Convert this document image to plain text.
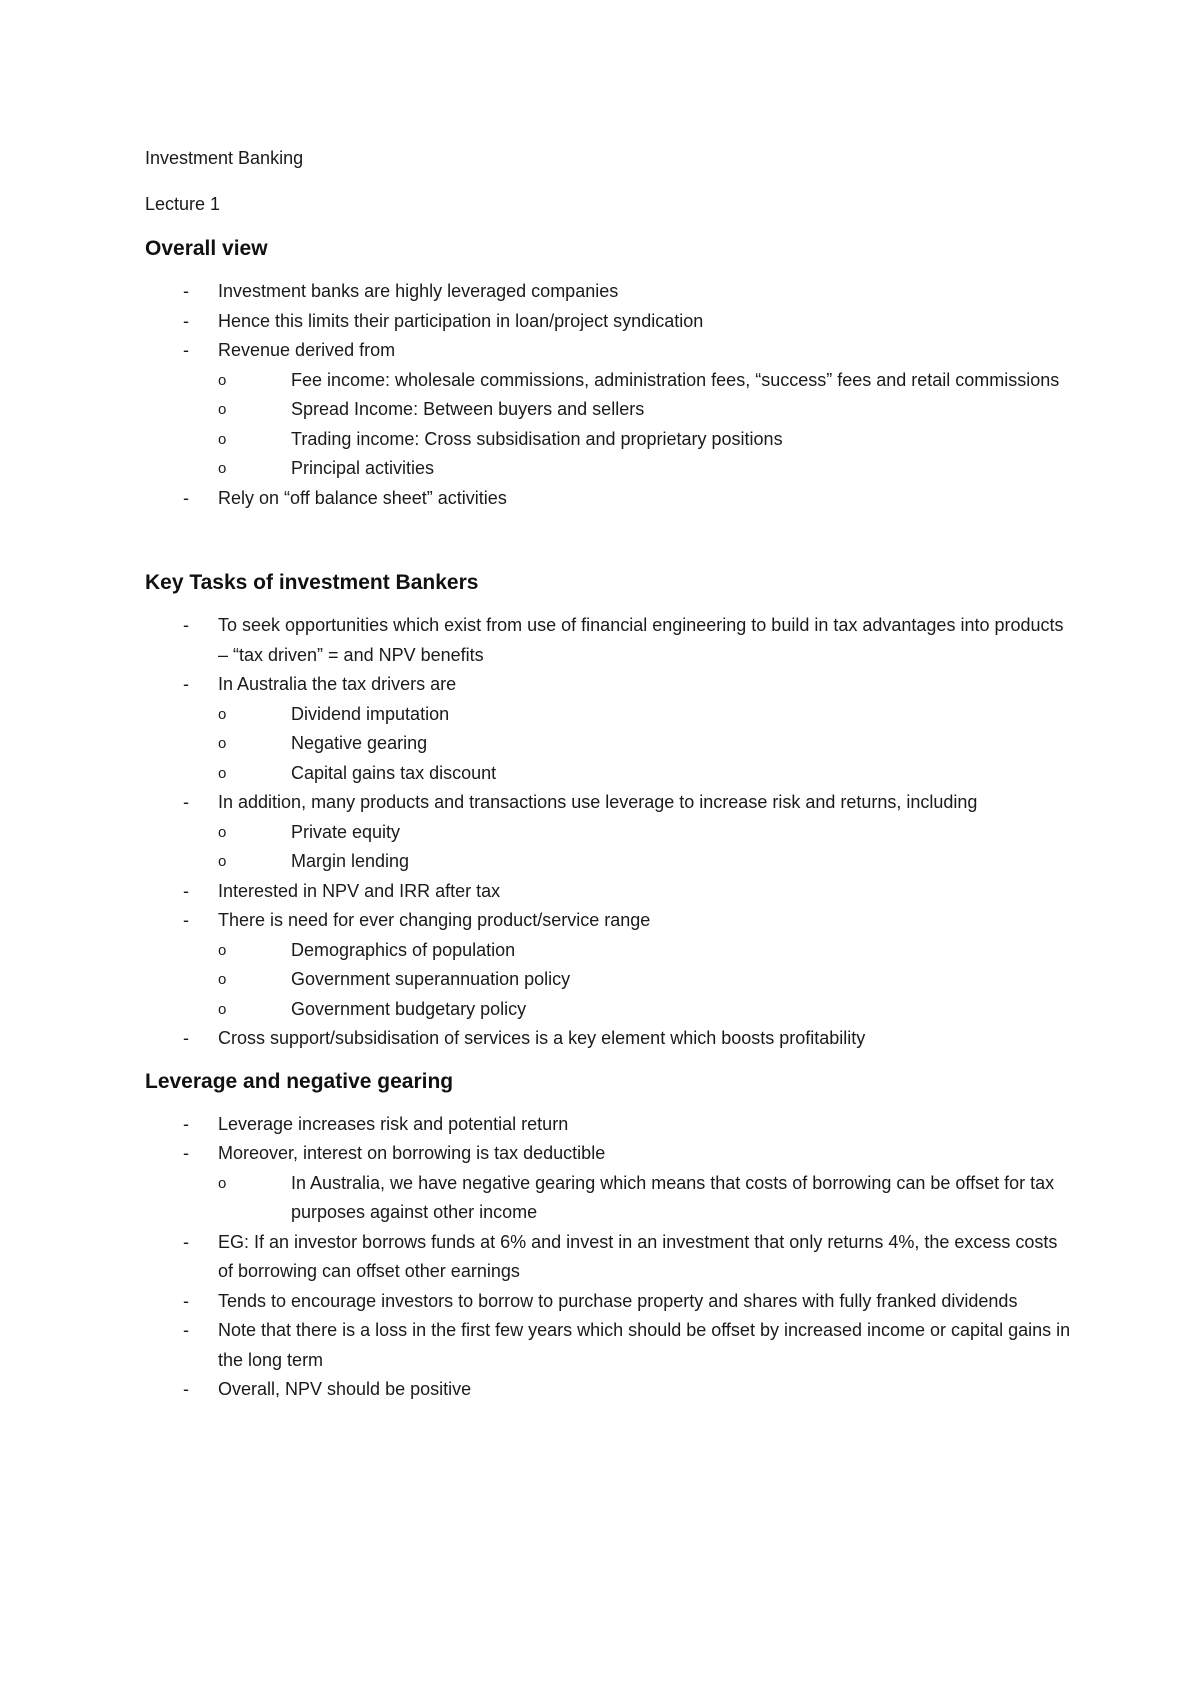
Investment Banking

Lecture 1

Overall view
-	Investment banks are highly leveraged companies
-	Hence this limits their participation in loan/project syndication
-	Revenue derived from
o	Fee income: wholesale commissions, administration fees, “success” fees and retail commissions
o	Spread Income: Between buyers and sellers
o	Trading income: Cross subsidisation and proprietary positions
o	Principal activities
-	Rely on “off balance sheet” activities
Key Tasks of investment Bankers
-	To seek opportunities which exist from use of financial engineering to build in tax advantages into products – “tax driven” = and NPV benefits
-	In Australia the tax drivers are
o	Dividend imputation
o	Negative gearing
o	Capital gains tax discount
-	In addition, many products and transactions use leverage to increase risk and returns, including
o	Private equity
o	Margin lending
-	Interested in NPV and IRR after tax
-	There is need for ever changing product/service range
o	Demographics of population
o	Government superannuation policy
o	Government budgetary policy
-	Cross support/subsidisation of services is a key element which boosts profitability
Leverage and negative gearing
-	Leverage increases risk and potential return
-	Moreover, interest on borrowing is tax deductible
o	In Australia, we have negative gearing which means that costs of borrowing can be offset for tax purposes against other income
-	EG: If an investor borrows funds at 6% and invest in an investment that only returns 4%, the excess costs of borrowing can offset other earnings
-	Tends to encourage investors to borrow to purchase property and shares with fully franked dividends
-	Note that there is a loss in the first few years which should be offset by increased income or capital gains in the long term
-	Overall, NPV should be positive
